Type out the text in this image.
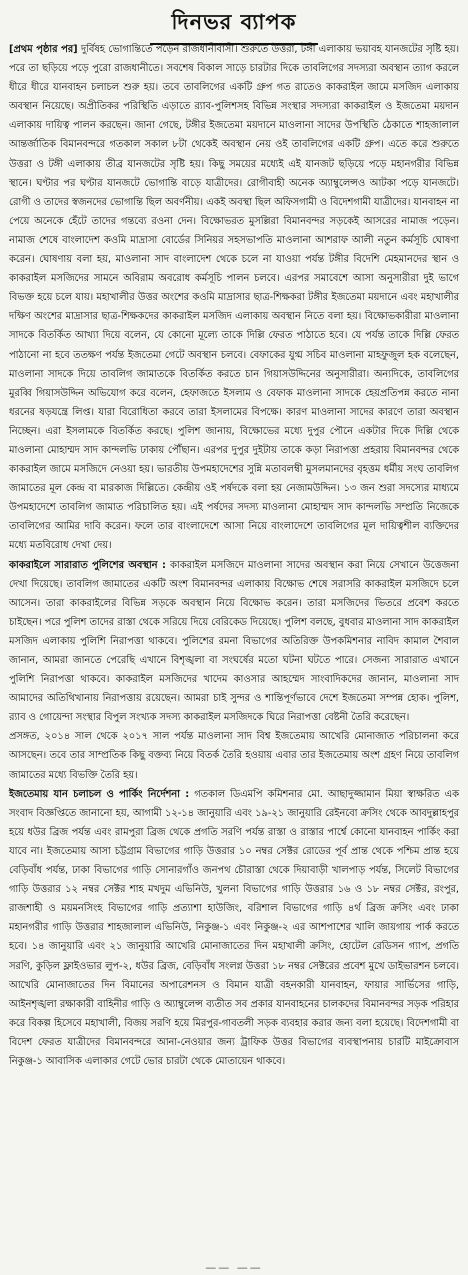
দিনভর ব্যাপক

[প্রথম পৃষ্ঠার পর] দুর্বিষহ ভোগান্তিতে পড়েন রাজধানীবাসী। শুরুতে উত্তরা, টঙ্গী এলাকায় ভয়াবহ যানজটের সৃষ্টি হয়। পরে তা ছড়িয়ে পড়ে পুরো রাজধানীতে। সবশেষ বিকাল সাড়ে চারটার দিকে তাবলিগের সদস্যরা অবস্থান ত্যাগ করলে ধীরে ধীরে যানবাহন চলাচল শুরু হয়। তবে তাবলিগের একটি গ্রুপ গত রাতেও কাকরাইল জামে মসজিদ এলাকায় অবস্থান নিয়েছে। অপ্রীতিকর পরিস্থিতি এড়াতে র‌্যাব-পুলিশসহ বিভিন্ন সংস্থার সদস্যরা কাকরাইল ও ইজতেমা ময়দান এলাকায় দায়িত্ব পালন করছেন। জানা গেছে, টঙ্গীর ইজতেমা ময়দানে মাওলানা সাদের উপস্থিতি ঠেকাতে শাহজালাল আন্তর্জাতিক বিমানবন্দরে গতকাল সকাল ৮টা থেকেই অবস্থান নেয় ওই তাবলিগের একটি গ্রুপ। এতে করে শুরুতে উত্তরা ও টঙ্গী এলাকায় তীব্র যানজটের সৃষ্টি হয়। কিছু সময়ের মধ্যেই এই যানজট ছড়িয়ে পড়ে মহানগরীর বিভিন্ন স্থানে। ঘণ্টার পর ঘণ্টার যানজটে ভোগান্তি বাড়ে যাত্রীদের। রোগীবাহী অনেক অ্যাম্বুলেন্সও আটকা পড়ে যানজটে। রোগী ও তাদের স্বজনদের ভোগান্তি ছিল অবর্ণনীয়। একই অবস্থা ছিল অফিসগামী ও বিদেশগামী যাত্রীদের। যানবাহন না পেয়ে অনেকে হেঁটে তাদের গন্তব্যে রওনা দেন। বিক্ষোভরত মুসল্লিরা বিমানবন্দর সড়কেই আসরের নামাজ পড়েন। নামাজ শেষে বাংলাদেশ কওমি মাদ্রাসা বোর্ডের সিনিয়র সহসভাপতি মাওলানা আশরাফ আলী নতুন কর্মসূচি ঘোষণা করেন। ঘোষণায় বলা হয়, মাওলানা সাদ বাংলাদেশ থেকে চলে না যাওয়া পর্যন্ত টঙ্গীর বিদেশি মেহমানদের স্থান ও কাকরাইল মসজিদের সামনে অবিরাম অবরোধ কর্মসূচি পালন চলবে। এরপর সমাবেশে আসা অনুসারীরা দুই ভাগে বিভক্ত হয়ে চলে যায়। মহাখালীর উত্তর অংশের কওমি মাদ্রাসার ছাত্র-শিক্ষকরা টঙ্গীর ইজতেমা ময়দানে এবং মহাখালীর দক্ষিণ অংশের মাদ্রাসার ছাত্র-শিক্ষকদের কাকরাইল মসজিদ এলাকায় অবস্থান নিতে বলা হয়। বিক্ষোভকারীরা মাওলানা সাদকে বিতর্কিত আখ্যা দিয়ে বলেন, যে কোনো মূল্যে তাকে দিল্লি ফেরত পাঠাতে হবে। যে পর্যন্ত তাকে দিল্লি ফেরত পাঠানো না হবে ততক্ষণ পর্যন্ত ইজতেমা গেটে অবস্থান চলবে। বেফাকের যুগ্ম সচিব মাওলানা মাহফুজুল হক বলেছেন, মাওলানা সাদকে দিয়ে তাবলিগ জামাতকে বিতর্কিত করতে চান গিয়াসউদ্দিনের অনুসারীরা। অন্যদিকে, তাবলিগের মুরব্বি গিয়াসউদ্দিন অভিযোগ করে বলেন, হেফাজতে ইসলাম ও বেফাক মাওলানা সাদকে হেয়প্রতিপন্ন করতে নানা ধরনের ষড়যন্ত্রে লিপ্ত। যারা বিরোধিতা করবে তারা ইসলামের বিপক্ষে। কারণ মাওলানা সাদের কারণে তারা অবস্থান নিচ্ছেন। এরা ইসলামকে বিতর্কিত করছে। পুলিশ জানায়, বিক্ষোভের মধ্যে দুপুর পৌনে একটার দিকে দিল্লি থেকে মাওলানা মোহাম্মদ সাদ কান্দলভি ঢাকায় পৌঁছান। এরপর দুপুর দুইটায় তাকে কড়া নিরাপত্তা প্রহরায় বিমানবন্দর থেকে কাকরাইল জামে মসজিদে নেওয়া হয়। ভারতীয় উপমহাদেশের সুন্নি মতাবলম্বী মুসলমানদের বৃহত্তম ধর্মীয় সংঘ তাবলিগ জামাতের মূল কেন্দ্র বা মারকাজ দিল্লিতে। কেন্দ্রীয় ওই পর্ষদকে বলা হয় নেজামউদ্দিন। ১৩ জন শুরা সদস্যের মাধ্যমে উপমহাদেশে তাবলিগ জামাত পরিচালিত হয়। এই পর্ষদের সদস্য মাওলানা মোহাম্মদ সাদ কান্দলভি সম্প্রতি নিজেকে তাবলিগের আমির দাবি করেন। ফলে তার বাংলাদেশে আসা নিয়ে বাংলাদেশে তাবলিগের মূল দায়িত্বশীল ব্যক্তিদের মধ্যে মতবিরোধ দেখা দেয়।

কাকরাইলে সারারাত পুলিশের অবস্থান : কাকরাইল মসজিদে মাওলানা সাদের অবস্থান করা নিয়ে সেখানে উত্তেজনা দেখা দিয়েছে। তাবলিগ জামাতের একটি অংশ বিমানবন্দর এলাকায় বিক্ষোভ শেষে সরাসরি কাকরাইল মসজিদে চলে আসেন। তারা কাকরাইলের বিভিন্ন সড়কে অবস্থান নিয়ে বিক্ষোভ করেন। তারা মসজিদের ভিতরে প্রবেশ করতে চাইছেন। পরে পুলিশ তাদের রাস্তা থেকে সরিয়ে দিয়ে বেরিকেড দিয়েছে। পুলিশ বলছে, বুধবার মাওলানা সাদ কাকরাইল মসজিদ এলাকায় পুলিশি নিরাপত্তা থাকবে। পুলিশের রমনা বিভাগের অতিরিক্ত উপকমিশনার নাবিদ কামাল শৈবাল জানান, আমরা জানতে পেরেছি এখানে বিশৃঙ্খলা বা সংঘর্ষের মতো ঘটনা ঘটতে পারে। সেজন্য সারারাত এখানে পুলিশি নিরাপত্তা থাকবে। কাকরাইল মসজিদের খাদেম কাওসার আহম্মেদ সাংবাদিকদের জানান, মাওলানা সাদ আমাদের অতিথিখানায় নিরাপত্তায় রয়েছেন। আমরা চাই সুন্দর ও শান্তিপূর্ণভাবে দেশে ইজতেমা সম্পন্ন হোক। পুলিশ, র‌্যাব ও গোয়েন্দা সংস্থার বিপুল সংখ্যক সদস্য কাকরাইল মসজিদকে ঘিরে নিরাপত্তা বেষ্টনী তৈরি করেছেন।

প্রসঙ্গত, ২০১৪ সাল থেকে ২০১৭ সাল পর্যন্ত মাওলানা সাদ বিশ্ব ইজতেমায় আখেরি মোনাজাত পরিচালনা করে আসছেন। তবে তার সাম্প্রতিক কিছু বক্তব্য নিয়ে বিতর্ক তৈরি হওয়ায় এবার তার ইজতেমায় অংশ গ্রহণ নিয়ে তাবলিগ জামাতের মধ্যে বিভক্তি তৈরি হয়।

ইজতেমায় যান চলাচল ও পার্কিং নির্দেশনা : গতকাল ডিএমপি কমিশনার মো. আছাদুজ্জামান মিয়া স্বাক্ষরিত এক সংবাদ বিজ্ঞপ্তিতে জানানো হয়, আগামী ১২-১৪ জানুয়ারি এবং ১৯-২১ জানুয়ারি রেইনবো ক্রসিং থেকে আবদুল্লাহপুর হয়ে ধউর ব্রিজ পর্যন্ত এবং রামপুরা ব্রিজ থেকে প্রগতি সরণি পর্যন্ত রাস্তা ও রাস্তার পার্শ্বে কোনো যানবাহন পার্কিং করা যাবে না। ইজতেমায় আসা চট্টগ্রাম বিভাগের গাড়ি উত্তরার ১০ নম্বর সেক্টর রোডের পূর্ব প্রান্ত থেকে পশ্চিম প্রান্ত হয়ে বেড়িবাঁধ পর্যন্ত, ঢাকা বিভাগের গাড়ি সোনারগাঁও জনপথ চৌরাস্তা থেকে দিয়াবাড়ী খালপাড় পর্যন্ত, সিলেট বিভাগের গাড়ি উত্তরার ১২ নম্বর সেক্টর শাহ মখদুম এভিনিউ, খুলনা বিভাগের গাড়ি উত্তরার ১৬ ও ১৮ নম্বর সেক্টর, রংপুর, রাজশাহী ও ময়মনসিংহ বিভাগের গাড়ি প্রত্যাশা হাউজিং, বরিশাল বিভাগের গাড়ি ৪র্থ ব্রিজ ক্রসিং এবং ঢাকা মহানগরীর গাড়ি উত্তরার শাহজালাল এভিনিউ, নিকুঞ্জ-১ এবং নিকুঞ্জ-২ এর আশপাশের খালি জায়গায় পার্ক করতে হবে। ১৪ জানুয়ারি এবং ২১ জানুয়ারি আখেরি মোনাজাতের দিন মহাখালী ক্রসিং, হোটেল রেডিসন গ্যাপ, প্রগতি সরণি, কুড়িল ফ্লাইওভার লুপ-২, ধউর ব্রিজ, বেড়িবাঁধ সংলগ্ন উত্তরা ১৮ নম্বর সেক্টরের প্রবেশ মুখে ডাইভারশন চলবে। আখেরি মোনাজাতের দিন বিমানের অপারেশনস ও বিমান যাত্রী বহনকারী যানবাহন, ফায়ার সার্ভিসের গাড়ি, আইনশৃঙ্খলা রক্ষাকারী বাহিনীর গাড়ি ও অ্যাম্বুলেন্স ব্যতীত সব প্রকার যানবাহনের চালকদের বিমানবন্দর সড়ক পরিহার করে বিকল্প হিসেবে মহাখালী, বিজয় সরণি হয়ে মিরপুর-গাবতলী সড়ক ব্যবহার করার জন্য বলা হয়েছে। বিদেশগামী বা বিদেশ ফেরত যাত্রীদের বিমানবন্দরে আনা-নেওয়ার জন্য ট্রাফিক উত্তর বিভাগের ব্যবস্থাপনায় চারটি মাইক্রোবাস নিকুঞ্জ-১ আবাসিক এলাকার গেটে ভোর চারটা থেকে মোতায়েন থাকবে।

—— ——
